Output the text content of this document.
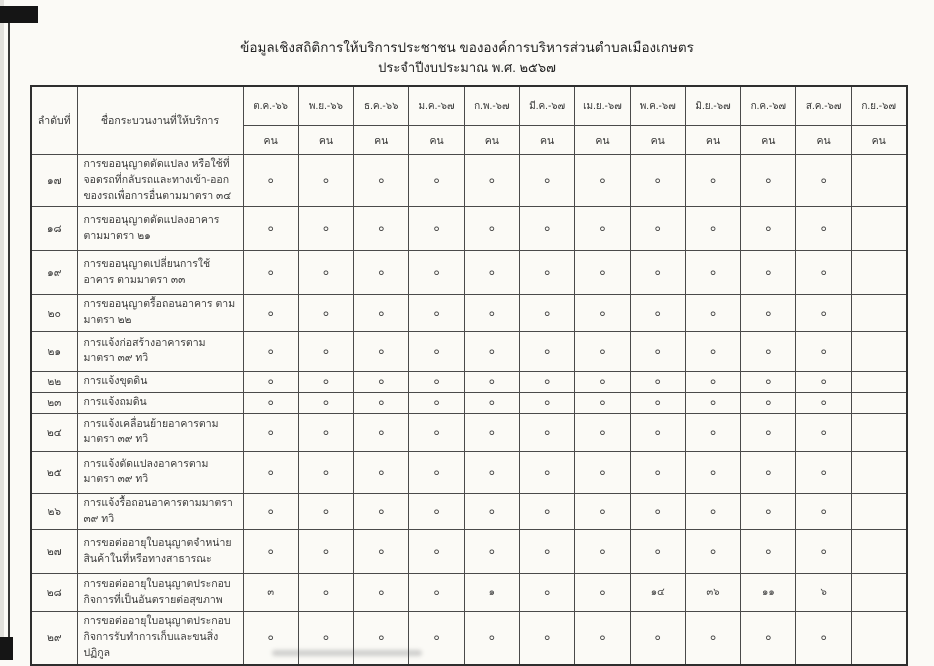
ข้อมูลเชิงสถิติการให้บริการประชาชน ขององค์การบริหารส่วนตำบลเมืองเกษตร
ประจำปีงบประมาณ พ.ศ. ๒๕๖๗
ลำดับที่	ชื่อกระบวนงานที่ให้บริการ	ต.ค.-๖๖	พ.ย.-๖๖	ธ.ค.-๖๖	ม.ค.-๖๗	ก.พ.-๖๗	มี.ค.-๖๗	เม.ย.-๖๗	พ.ค.-๖๗	มิ.ย.-๖๗	ก.ค.-๖๗	ส.ค.-๖๗	ก.ย.-๖๗
		คน	คน	คน	คน	คน	คน	คน	คน	คน	คน	คน	คน
๑๗	การขออนุญาตดัดแปลง หรือใช้ที่จอดรถที่กลับรถและทางเข้า-ออกของรถเพื่อการอื่นตามมาตรา ๓๔	๐	๐	๐	๐	๐	๐	๐	๐	๐	๐	๐	
๑๘	การขออนุญาตดัดแปลงอาคาร ตามมาตรา ๒๑	๐	๐	๐	๐	๐	๐	๐	๐	๐	๐	๐	
๑๙	การขออนุญาตเปลี่ยนการใช้อาคาร ตามมาตรา ๓๓	๐	๐	๐	๐	๐	๐	๐	๐	๐	๐	๐	
๒๐	การขออนุญาตรื้อถอนอาคาร ตามมาตรา ๒๒	๐	๐	๐	๐	๐	๐	๐	๐	๐	๐	๐	
๒๑	การแจ้งก่อสร้างอาคารตามมาตรา ๓๙ ทวิ	๐	๐	๐	๐	๐	๐	๐	๐	๐	๐	๐	
๒๒	การแจ้งขุดดิน	๐	๐	๐	๐	๐	๐	๐	๐	๐	๐	๐	
๒๓	การแจ้งถมดิน	๐	๐	๐	๐	๐	๐	๐	๐	๐	๐	๐	
๒๔	การแจ้งเคลื่อนย้ายอาคารตามมาตรา ๓๙ ทวิ	๐	๐	๐	๐	๐	๐	๐	๐	๐	๐	๐	
๒๕	การแจ้งดัดแปลงอาคารตามมาตรา ๓๙ ทวิ	๐	๐	๐	๐	๐	๐	๐	๐	๐	๐	๐	
๒๖	การแจ้งรื้อถอนอาคารตามมาตรา ๓๙ ทวิ	๐	๐	๐	๐	๐	๐	๐	๐	๐	๐	๐	
๒๗	การขอต่ออายุใบอนุญาตจำหน่ายสินค้าในที่หรือทางสาธารณะ	๐	๐	๐	๐	๐	๐	๐	๐	๐	๐	๐	
๒๘	การขอต่ออายุใบอนุญาตประกอบกิจการที่เป็นอันตรายต่อสุขภาพ	๓	๐	๐	๐	๑	๐	๐	๑๔	๓๖	๑๑	๖	
๒๙	การขอต่ออายุใบอนุญาตประกอบกิจการรับทำการเก็บและขนสิ่งปฏิกูล	๐	๐	๐	๐	๐	๐	๐	๐	๐	๐	๐	
